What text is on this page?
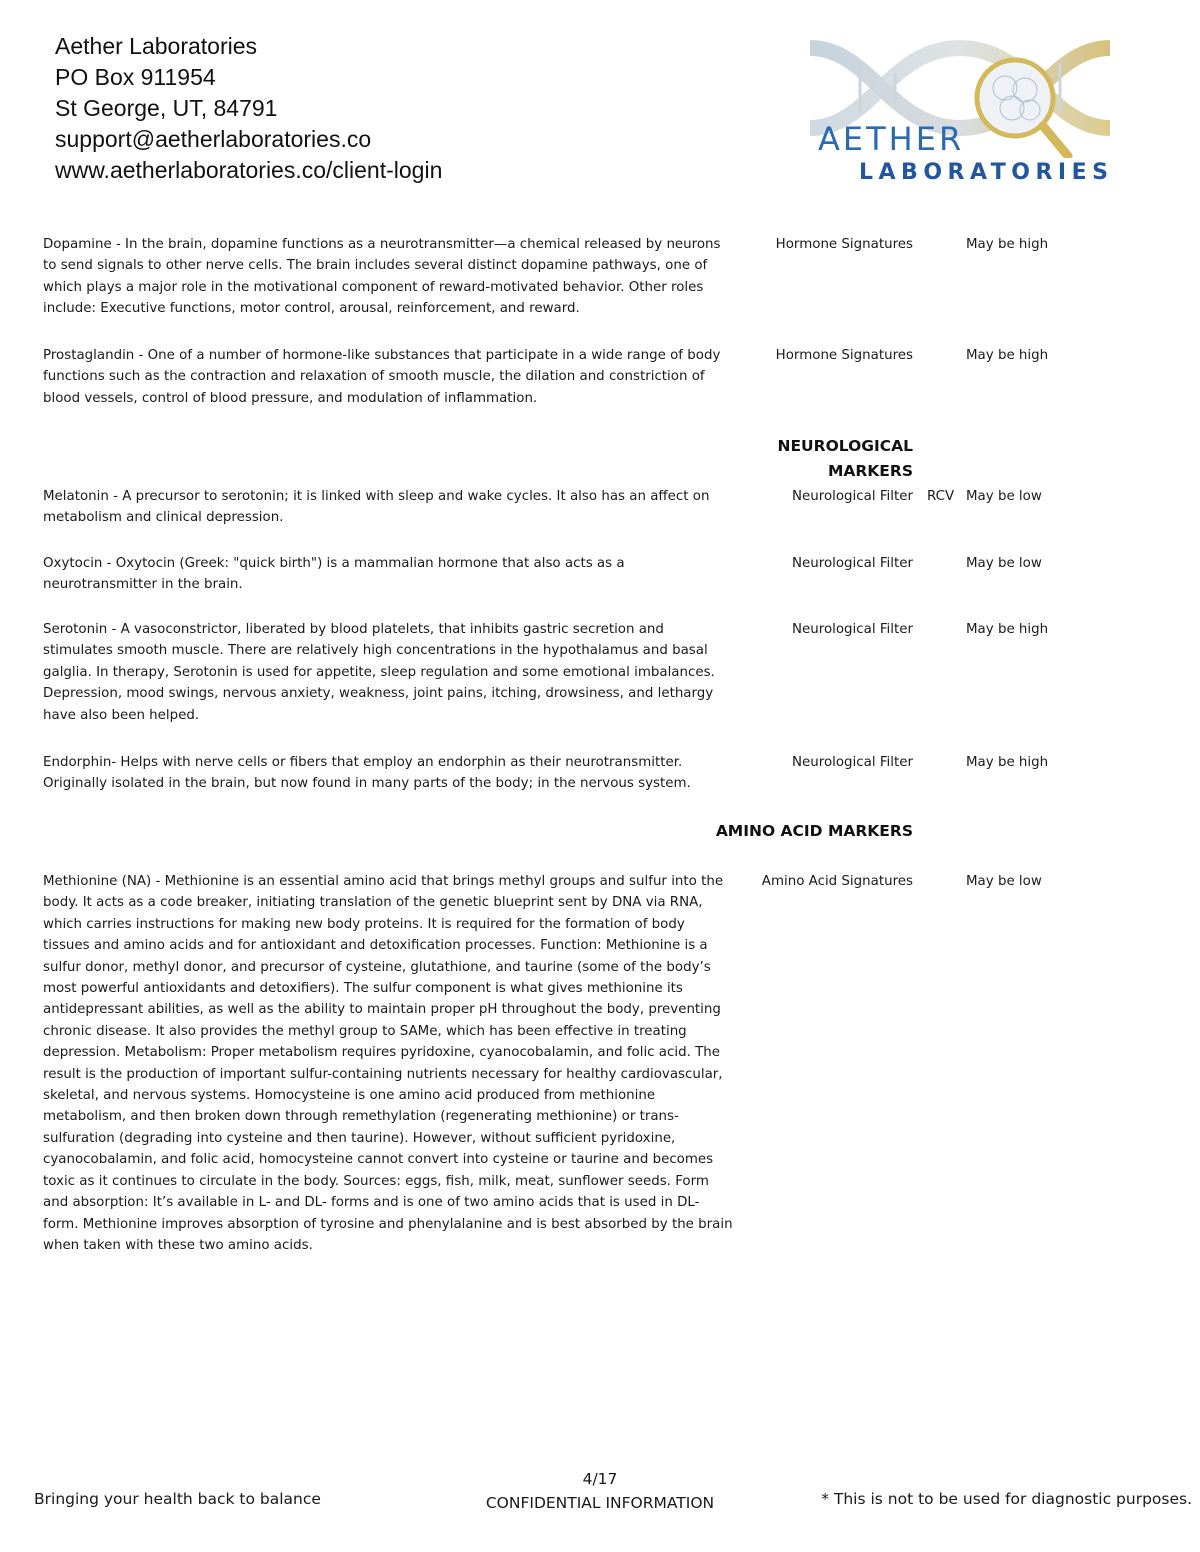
Aether Laboratories
PO Box 911954
St George, UT, 84791
support@aetherlaboratories.co
www.aetherlaboratories.co/client-login
AETHER
LABORATORIES
Dopamine - In the brain, dopamine functions as a neurotransmitter—a chemical released by neurons to send signals to other nerve cells. The brain includes several distinct dopamine pathways, one of which plays a major role in the motivational component of reward-motivated behavior. Other roles include: Executive functions, motor control, arousal, reinforcement, and reward.
Hormone Signatures	May be high
Prostaglandin - One of a number of hormone-like substances that participate in a wide range of body functions such as the contraction and relaxation of smooth muscle, the dilation and constriction of blood vessels, control of blood pressure, and modulation of inflammation.
Hormone Signatures	May be high
NEUROLOGICAL MARKERS
Melatonin - A precursor to serotonin; it is linked with sleep and wake cycles. It also has an affect on metabolism and clinical depression.
Neurological Filter RCV May be low
Oxytocin - Oxytocin (Greek: "quick birth") is a mammalian hormone that also acts as a neurotransmitter in the brain.
Neurological Filter	May be low
Serotonin - A vasoconstrictor, liberated by blood platelets, that inhibits gastric secretion and stimulates smooth muscle. There are relatively high concentrations in the hypothalamus and basal galglia. In therapy, Serotonin is used for appetite, sleep regulation and some emotional imbalances. Depression, mood swings, nervous anxiety, weakness, joint pains, itching, drowsiness, and lethargy have also been helped.
Neurological Filter	May be high
Endorphin- Helps with nerve cells or fibers that employ an endorphin as their neurotransmitter. Originally isolated in the brain, but now found in many parts of the body; in the nervous system.
Neurological Filter	May be high
AMINO ACID MARKERS
Methionine (NA) - Methionine is an essential amino acid that brings methyl groups and sulfur into the body. It acts as a code breaker, initiating translation of the genetic blueprint sent by DNA via RNA, which carries instructions for making new body proteins. It is required for the formation of body tissues and amino acids and for antioxidant and detoxification processes. Function: Methionine is a sulfur donor, methyl donor, and precursor of cysteine, glutathione, and taurine (some of the body’s most powerful antioxidants and detoxifiers). The sulfur component is what gives methionine its antidepressant abilities, as well as the ability to maintain proper pH throughout the body, preventing chronic disease. It also provides the methyl group to SAMe, which has been effective in treating depression. Metabolism: Proper metabolism requires pyridoxine, cyanocobalamin, and folic acid. The result is the production of important sulfur-containing nutrients necessary for healthy cardiovascular, skeletal, and nervous systems. Homocysteine is one amino acid produced from methionine metabolism, and then broken down through remethylation (regenerating methionine) or trans-sulfuration (degrading into cysteine and then taurine). However, without sufficient pyridoxine, cyanocobalamin, and folic acid, homocysteine cannot convert into cysteine or taurine and becomes toxic as it continues to circulate in the body. Sources: eggs, fish, milk, meat, sunflower seeds. Form and absorption: It’s available in L- and DL- forms and is one of two amino acids that is used in DL-form. Methionine improves absorption of tyrosine and phenylalanine and is best absorbed by the brain when taken with these two amino acids.
Amino Acid Signatures	May be low
Bringing your health back to balance
4/17
CONFIDENTIAL INFORMATION	* This is not to be used for diagnostic purposes.
